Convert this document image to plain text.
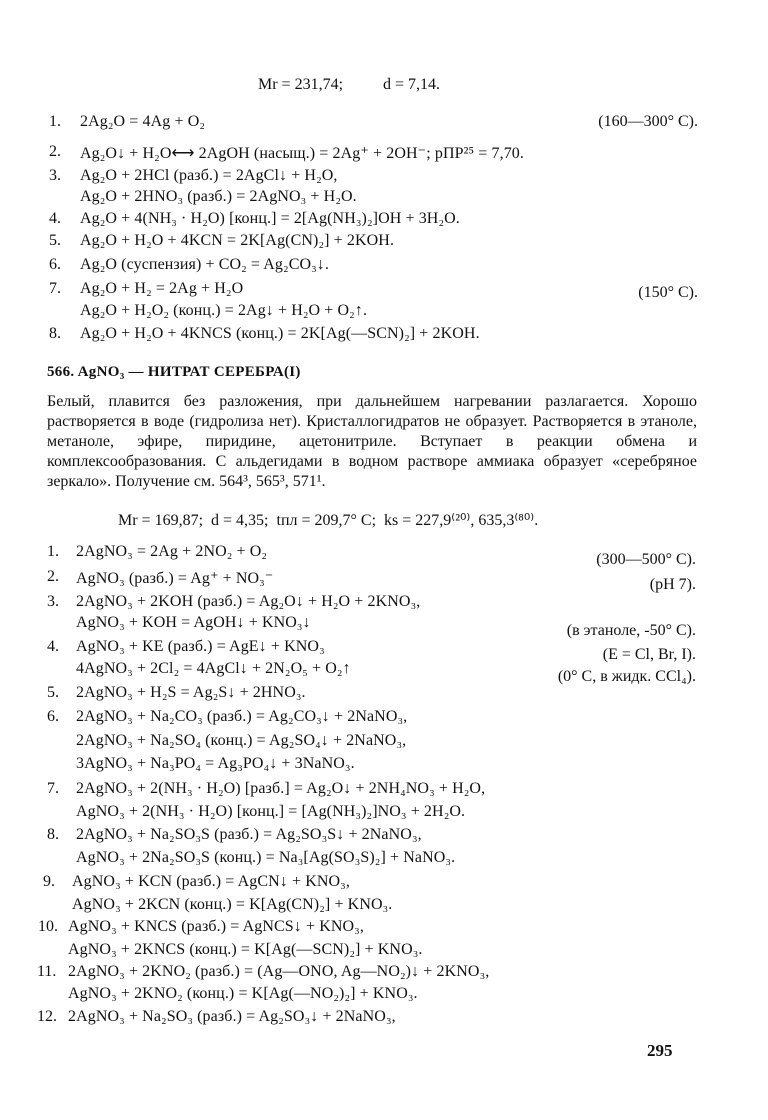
Mr = 231,74;          d = 7,14.
1. 2Ag₂O = 4Ag + O₂	(160—300° C).
2. Ag₂O↓ + H₂O⟷ 2AgOH (насыщ.) = 2Ag⁺ + 2OH⁻; pПP²⁵ = 7,70.
3. Ag₂O + 2HCl (разб.) = 2AgCl↓ + H₂O,
Ag₂O + 2HNO₃ (разб.) = 2AgNO₃ + H₂O.
4. Ag₂O + 4(NH₃ · H₂O) [конц.] = 2[Ag(NH₃)₂]OH + 3H₂O.
5. Ag₂O + H₂O + 4KCN = 2K[Ag(CN)₂] + 2KOH.
6. Ag₂O (суспензия) + CO₂ = Ag₂CO₃↓.
7. Ag₂O + H₂ = 2Ag + H₂O	(150° C).
Ag₂O + H₂O₂ (конц.) = 2Ag↓ + H₂O + O₂↑.
8. Ag₂O + H₂O + 4KNCS (конц.) = 2K[Ag(—SCN)₂] + 2KOH.
566. AgNO₃ — НИТРАТ СЕРЕБРА(I)
Белый, плавится без разложения, при дальнейшем нагревании разлагается. Хорошо растворяется в воде (гидролиза нет). Кристаллогидратов не образует. Растворяется в этаноле, метаноле, эфире, пиридине, ацетонитриле. Вступает в реакции обмена и комплексообразования. С альдегидами в водном растворе аммиака образует «серебряное зеркало». Получение см. 564³, 565³, 571¹.
Mr = 169,87;  d = 4,35;  tпл = 209,7° C;  ks = 227,9⁽²⁰⁾, 635,3⁽⁸⁰⁾.
1. 2AgNO₃ = 2Ag + 2NO₂ + O₂	(300—500° C).
2. AgNO₃ (разб.) = Ag⁺ + NO₃⁻	(pH 7).
3. 2AgNO₃ + 2KOH (разб.) = Ag₂O↓ + H₂O + 2KNO₃,
AgNO₃ + KOH = AgOH↓ + KNO₃↓	(в этаноле, -50° C).
4. AgNO₃ + KE (разб.) = AgE↓ + KNO₃	(E = Cl, Br, I).
4AgNO₃ + 2Cl₂ = 4AgCl↓ + 2N₂O₅ + O₂↑	(0° C, в жидк. CCl₄).
5. 2AgNO₃ + H₂S = Ag₂S↓ + 2HNO₃.
6. 2AgNO₃ + Na₂CO₃ (разб.) = Ag₂CO₃↓ + 2NaNO₃,
2AgNO₃ + Na₂SO₄ (конц.) = Ag₂SO₄↓ + 2NaNO₃,
3AgNO₃ + Na₃PO₄ = Ag₃PO₄↓ + 3NaNO₃.
7. 2AgNO₃ + 2(NH₃ · H₂O) [разб.] = Ag₂O↓ + 2NH₄NO₃ + H₂O,
AgNO₃ + 2(NH₃ · H₂O) [конц.] = [Ag(NH₃)₂]NO₃ + 2H₂O.
8. 2AgNO₃ + Na₂SO₃S (разб.) = Ag₂SO₃S↓ + 2NaNO₃,
AgNO₃ + 2Na₂SO₃S (конц.) = Na₃[Ag(SO₃S)₂] + NaNO₃.
9. AgNO₃ + KCN (разб.) = AgCN↓ + KNO₃,
AgNO₃ + 2KCN (конц.) = K[Ag(CN)₂] + KNO₃.
10. AgNO₃ + KNCS (разб.) = AgNCS↓ + KNO₃,
AgNO₃ + 2KNCS (конц.) = K[Ag(—SCN)₂] + KNO₃.
11. 2AgNO₃ + 2KNO₂ (разб.) = (Ag—ONO, Ag—NO₂)↓ + 2KNO₃,
AgNO₃ + 2KNO₂ (конц.) = K[Ag(—NO₂)₂] + KNO₃.
12. 2AgNO₃ + Na₂SO₃ (разб.) = Ag₂SO₃↓ + 2NaNO₃,
295
